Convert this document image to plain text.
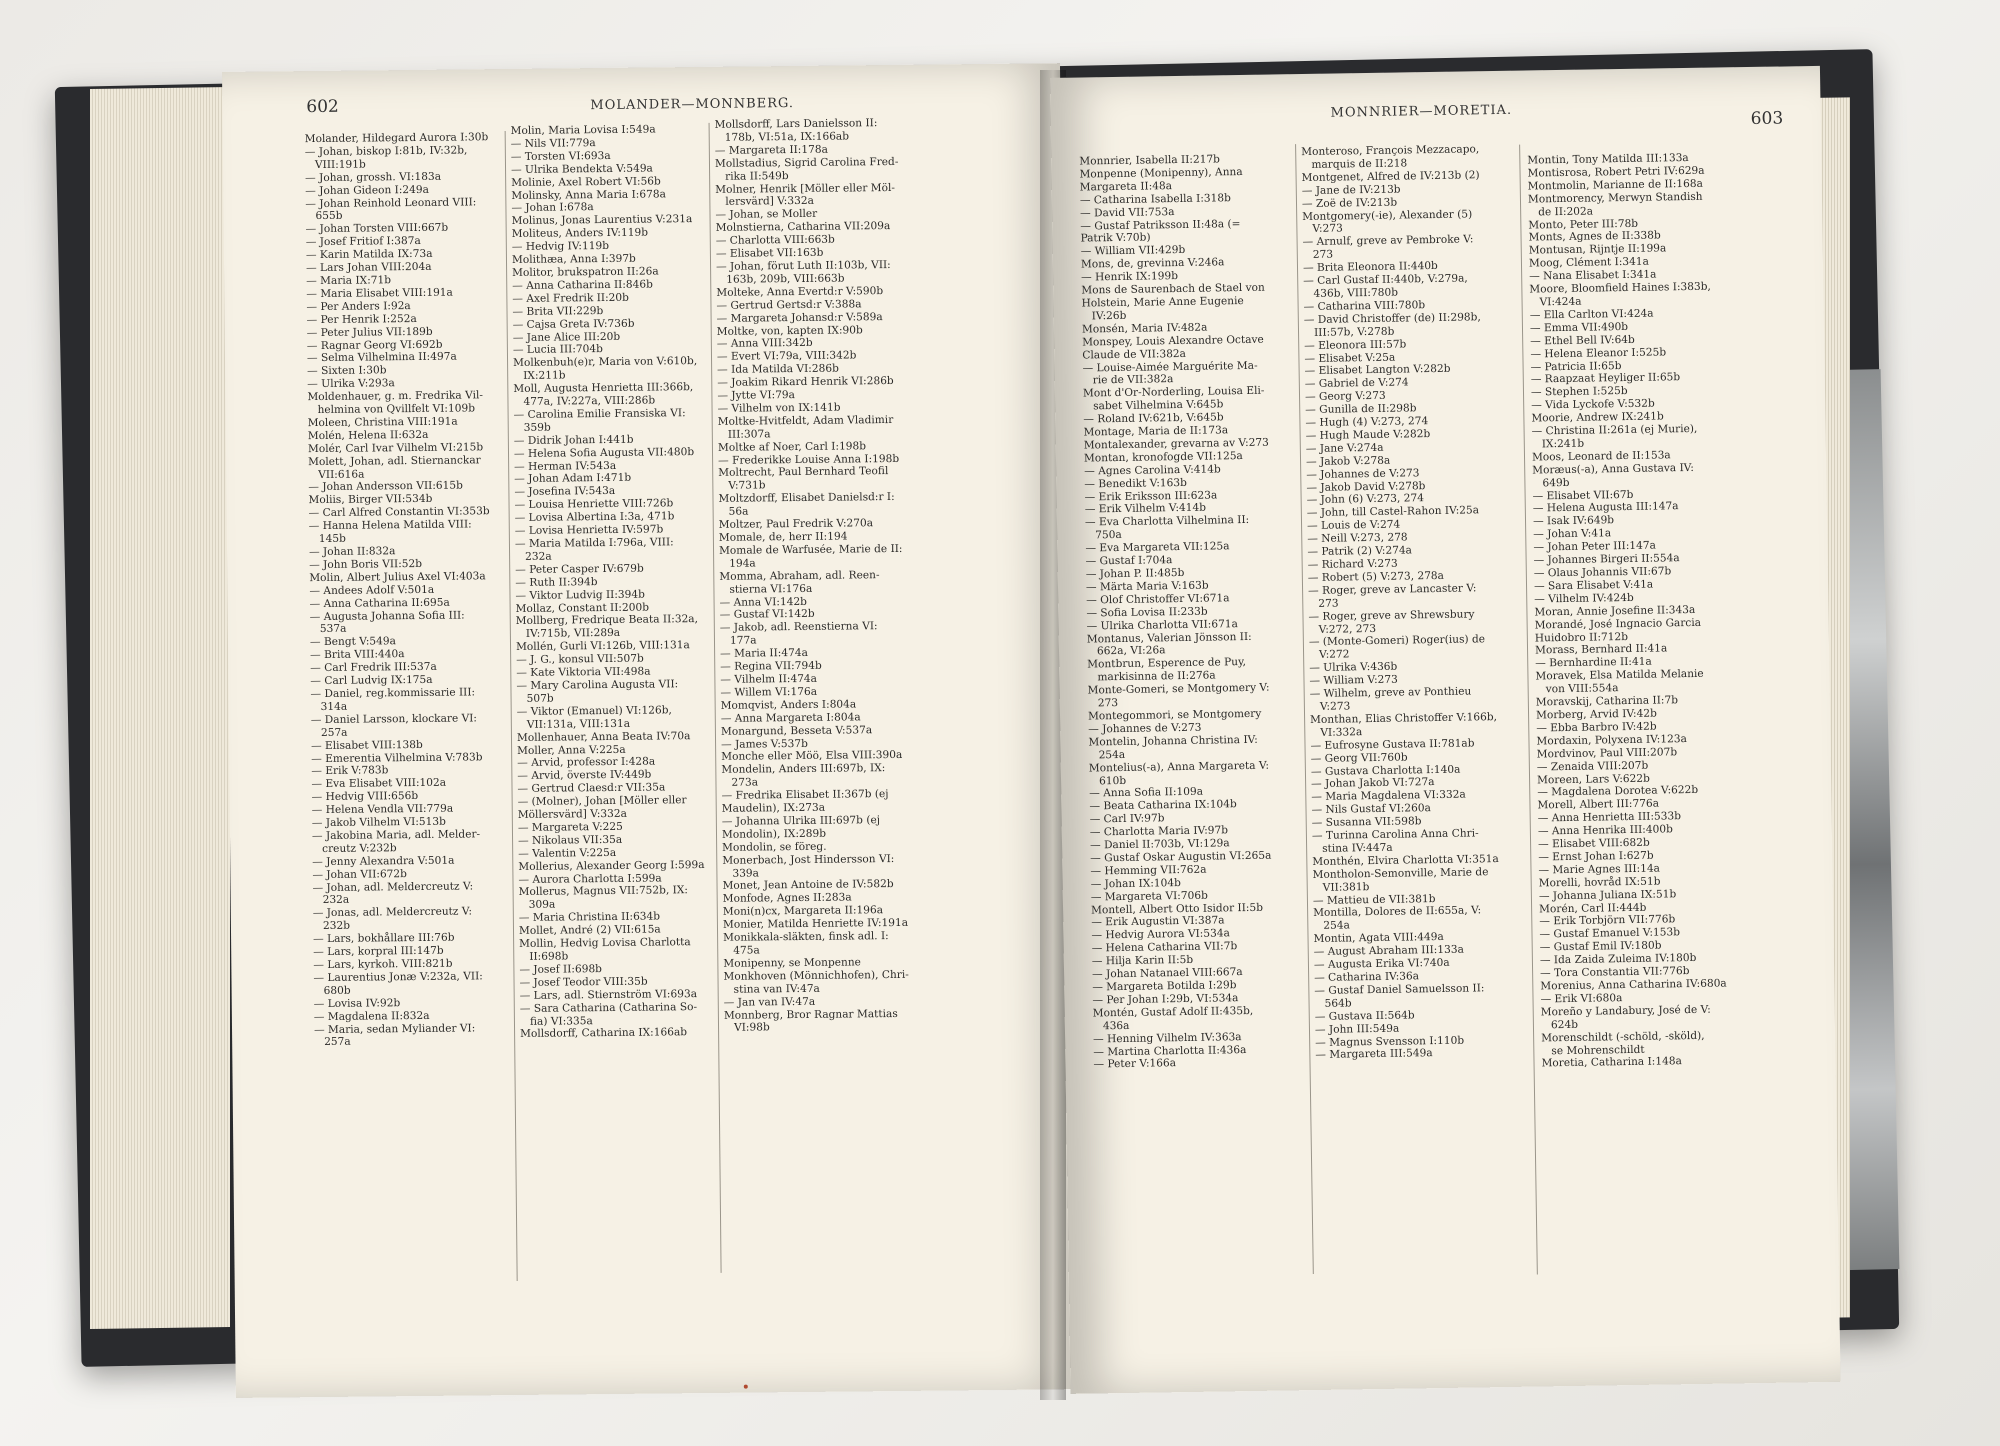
602	MOLANDER—MONNBERG.

Molander, Hildegard Aurora I:30b

— Johan, biskop I:81b, IV:32b,

VIII:191b

— Johan, grossh. VI:183a

— Johan Gideon I:249a

— Johan Reinhold Leonard VIII:

655b

— Johan Torsten VIII:667b

— Josef Fritiof I:387a

— Karin Matilda IX:73a

— Lars Johan VIII:204a

— Maria IX:71b

— Maria Elisabet VIII:191a

— Per Anders I:92a

— Per Henrik I:252a

— Peter Julius VII:189b

— Ragnar Georg VI:692b

— Selma Vilhelmina II:497a

— Sixten I:30b

— Ulrika V:293a

Moldenhauer, g. m. Fredrika Vil-

helmina von Qvillfelt VI:109b

Moleen, Christina VIII:191a

Molén, Helena II:632a

Molér, Carl Ivar Vilhelm VI:215b

Molett, Johan, adl. Stiernanckar

VII:616a

— Johan Andersson VII:615b

Moliis, Birger VII:534b

— Carl Alfred Constantin VI:353b

— Hanna Helena Matilda VIII:

145b

— Johan II:832a

— John Boris VII:52b

Molin, Albert Julius Axel VI:403a

— Andees Adolf V:501a

— Anna Catharina II:695a

— Augusta Johanna Sofia III:

537a

— Bengt V:549a

— Brita VIII:440a

— Carl Fredrik III:537a

— Carl Ludvig IX:175a

— Daniel, reg.kommissarie III:

314a

— Daniel Larsson, klockare VI:

257a

— Elisabet VIII:138b

— Emerentia Vilhelmina V:783b

— Erik V:783b

— Eva Elisabet VIII:102a

— Hedvig VIII:656b

— Helena Vendla VII:779a

— Jakob Vilhelm VI:513b

— Jakobina Maria, adl. Melder-

creutz V:232b

— Jenny Alexandra V:501a

— Johan VII:672b

— Johan, adl. Meldercreutz V:

232a

— Jonas, adl. Meldercreutz V:

232b

— Lars, bokhållare III:76b

— Lars, korpral III:147b

— Lars, kyrkoh. VIII:821b

— Laurentius Jonæ V:232a, VII:

680b

— Lovisa IV:92b

— Magdalena II:832a

— Maria, sedan Myliander VI:

257a

Molin, Maria Lovisa I:549a

— Nils VII:779a

— Torsten VI:693a

— Ulrika Bendekta V:549a

Molinie, Axel Robert VI:56b

Molinsky, Anna Maria I:678a

— Johan I:678a

Molinus, Jonas Laurentius V:231a

Moliteus, Anders IV:119b

— Hedvig IV:119b

Molithæa, Anna I:397b

Molitor, brukspatron II:26a

— Anna Catharina II:846b

— Axel Fredrik II:20b

— Brita VII:229b

— Cajsa Greta IV:736b

— Jane Alice III:20b

— Lucia III:704b

Molkenbuh(e)r, Maria von V:610b,

IX:211b

Moll, Augusta Henrietta III:366b,

477a, IV:227a, VIII:286b

— Carolina Emilie Fransiska VI:

359b

— Didrik Johan I:441b

— Helena Sofia Augusta VII:480b

— Herman IV:543a

— Johan Adam I:471b

— Josefina IV:543a

— Louisa Henriette VIII:726b

— Lovisa Albertina I:3a, 471b

— Lovisa Henrietta IV:597b

— Maria Matilda I:796a, VIII:

232a

— Peter Casper IV:679b

— Ruth II:394b

— Viktor Ludvig II:394b

Mollaz, Constant II:200b

Mollberg, Fredrique Beata II:32a,

IV:715b, VII:289a

Mollén, Gurli VI:126b, VIII:131a

— J. G., konsul VII:507b

— Kate Viktoria VII:498a

— Mary Carolina Augusta VII:

507b

— Viktor (Emanuel) VI:126b,

VII:131a, VIII:131a

Mollenhauer, Anna Beata IV:70a

Moller, Anna V:225a

— Arvid, professor I:428a

— Arvid, överste IV:449b

— Gertrud Claesd:r VII:35a

— (Molner), Johan [Möller eller

Möllersvärd] V:332a

— Margareta V:225

— Nikolaus VII:35a

— Valentin V:225a

Mollerius, Alexander Georg I:599a

— Aurora Charlotta I:599a

Mollerus, Magnus VII:752b, IX:

309a

— Maria Christina II:634b

Mollet, André (2) VII:615a

Mollin, Hedvig Lovisa Charlotta

II:698b

— Josef II:698b

— Josef Teodor VIII:35b

— Lars, adl. Stiernström VI:693a

— Sara Catharina (Catharina So-

fia) VI:335a

Mollsdorff, Catharina IX:166ab

Mollsdorff, Lars Danielsson II:

178b, VI:51a, IX:166ab

— Margareta II:178a

Mollstadius, Sigrid Carolina Fred-

rika II:549b

Molner, Henrik [Möller eller Möl-

lersvärd] V:332a

— Johan, se Moller

Molnstierna, Catharina VII:209a

— Charlotta VIII:663b

— Elisabet VII:163b

— Johan, förut Luth II:103b, VII:

163b, 209b, VIII:663b

Molteke, Anna Evertd:r V:590b

— Gertrud Gertsd:r V:388a

— Margareta Johansd:r V:589a

Moltke, von, kapten IX:90b

— Anna VIII:342b

— Evert VI:79a, VIII:342b

— Ida Matilda VI:286b

— Joakim Rikard Henrik VI:286b

— Jytte VI:79a

— Vilhelm von IX:141b

Moltke-Hvitfeldt, Adam Vladimir

III:307a

Moltke af Noer, Carl I:198b

— Frederikke Louise Anna I:198b

Moltrecht, Paul Bernhard Teofil

V:731b

Moltzdorff, Elisabet Danielsd:r I:

56a

Moltzer, Paul Fredrik V:270a

Momale, de, herr II:194

Momale de Warfusée, Marie de II:

194a

Momma, Abraham, adl. Reen-

stierna VI:176a

— Anna VI:142b

— Gustaf VI:142b

— Jakob, adl. Reenstierna VI:

177a

— Maria II:474a

— Regina VII:794b

— Vilhelm II:474a

— Willem VI:176a

Momqvist, Anders I:804a

— Anna Margareta I:804a

Monargund, Besseta V:537a

— James V:537b

Monche eller Möö, Elsa VIII:390a

Mondelin, Anders III:697b, IX:

273a

— Fredrika Elisabet II:367b (ej

Maudelin), IX:273a

— Johanna Ulrika III:697b (ej

Mondolin), IX:289b

Mondolin, se föreg.

Monerbach, Jost Hindersson VI:

339a

Monet, Jean Antoine de IV:582b

Monfode, Agnes II:283a

Moni(n)cx, Margareta II:196a

Monier, Matilda Henriette IV:191a

Monikkala-släkten, finsk adl. I:

475a

Monipenny, se Monpenne

Monkhoven (Mönnichhofen), Chri-

stina van IV:47a

— Jan van IV:47a

Monnberg, Bror Ragnar Mattias

VI:98b

MONNRIER—MORETIA.	603

Monnrier, Isabella II:217b

Monpenne (Monipenny), Anna

Margareta II:48a

— Catharina Isabella I:318b

— David VII:753a

— Gustaf Patriksson II:48a (=

Patrik V:70b)

— William VII:429b

Mons, de, grevinna V:246a

— Henrik IX:199b

Mons de Saurenbach de Stael von

Holstein, Marie Anne Eugenie

IV:26b

Monsén, Maria IV:482a

Monspey, Louis Alexandre Octave

Claude de VII:382a

— Louise-Aimée Marguérite Ma-

rie de VII:382a

Mont d'Or-Norderling, Louisa Eli-

sabet Vilhelmina V:645b

— Roland IV:621b, V:645b

Montage, Maria de II:173a

Montalexander, grevarna av V:273

Montan, kronofogde VII:125a

— Agnes Carolina V:414b

— Benedikt V:163b

— Erik Eriksson III:623a

— Erik Vilhelm V:414b

— Eva Charlotta Vilhelmina II:

750a

— Eva Margareta VII:125a

— Gustaf I:704a

— Johan P. II:485b

— Märta Maria V:163b

— Olof Christoffer VI:671a

— Sofia Lovisa II:233b

— Ulrika Charlotta VII:671a

Montanus, Valerian Jönsson II:

662a, VI:26a

Montbrun, Esperence de Puy,

markisinna de II:276a

Monte-Gomeri, se Montgomery V:

273

Montegommori, se Montgomery

— Johannes de V:273

Montelin, Johanna Christina IV:

254a

Montelius(-a), Anna Margareta V:

610b

— Anna Sofia II:109a

— Beata Catharina IX:104b

— Carl IV:97b

— Charlotta Maria IV:97b

— Daniel II:703b, VI:129a

— Gustaf Oskar Augustin VI:265a

— Hemming VII:762a

— Johan IX:104b

— Margareta VI:706b

Montell, Albert Otto Isidor II:5b

— Erik Augustin VI:387a

— Hedvig Aurora VI:534a

— Helena Catharina VII:7b

— Hilja Karin II:5b

— Johan Natanael VIII:667a

— Margareta Botilda I:29b

— Per Johan I:29b, VI:534a

Montén, Gustaf Adolf II:435b,

436a

— Henning Vilhelm IV:363a

— Martina Charlotta II:436a

— Peter V:166a

Monteroso, François Mezzacapo,

marquis de II:218

Montgenet, Alfred de IV:213b (2)

— Jane de IV:213b

— Zoë de IV:213b

Montgomery(-ie), Alexander (5)

V:273

— Arnulf, greve av Pembroke V:

273

— Brita Eleonora II:440b

— Carl Gustaf II:440b, V:279a,

436b, VIII:780b

— Catharina VIII:780b

— David Christoffer (de) II:298b,

III:57b, V:278b

— Eleonora III:57b

— Elisabet V:25a

— Elisabet Langton V:282b

— Gabriel de V:274

— Georg V:273

— Gunilla de II:298b

— Hugh (4) V:273, 274

— Hugh Maude V:282b

— Jane V:274a

— Jakob V:278a

— Johannes de V:273

— Jakob David V:278b

— John (6) V:273, 274

— John, till Castel-Rahon IV:25a

— Louis de V:274

— Neill V:273, 278

— Patrik (2) V:274a

— Richard V:273

— Robert (5) V:273, 278a

— Roger, greve av Lancaster V:

273

— Roger, greve av Shrewsbury

V:272, 273

— (Monte-Gomeri) Roger(ius) de

V:272

— Ulrika V:436b

— William V:273

— Wilhelm, greve av Ponthieu

V:273

Monthan, Elias Christoffer V:166b,

VI:332a

— Eufrosyne Gustava II:781ab

— Georg VII:760b

— Gustava Charlotta I:140a

— Johan Jakob VI:727a

— Maria Magdalena VI:332a

— Nils Gustaf VI:260a

— Susanna VII:598b

— Turinna Carolina Anna Chri-

stina IV:447a

Monthén, Elvira Charlotta VI:351a

Montholon-Semonville, Marie de

VII:381b

— Mattieu de VII:381b

Montilla, Dolores de II:655a, V:

254a

Montin, Agata VIII:449a

— August Abraham III:133a

— Augusta Erika VI:740a

— Catharina IV:36a

— Gustaf Daniel Samuelsson II:

564b

— Gustava II:564b

— John III:549a

— Magnus Svensson I:110b

— Margareta III:549a

Montin, Tony Matilda III:133a

Montisrosa, Robert Petri IV:629a

Montmolin, Marianne de II:168a

Montmorency, Merwyn Standish

de II:202a

Monto, Peter III:78b

Monts, Agnes de II:338b

Montusan, Rijntje II:199a

Moog, Clément I:341a

— Nana Elisabet I:341a

Moore, Bloomfield Haines I:383b,

VI:424a

— Ella Carlton VI:424a

— Emma VII:490b

— Ethel Bell IV:64b

— Helena Eleanor I:525b

— Patricia II:65b

— Raapzaat Heyliger II:65b

— Stephen I:525b

— Vida Lyckofe V:532b

Moorie, Andrew IX:241b

— Christina II:261a (ej Murie),

IX:241b

Moos, Leonard de II:153a

Moræus(-a), Anna Gustava IV:

649b

— Elisabet VII:67b

— Helena Augusta III:147a

— Isak IV:649b

— Johan V:41a

— Johan Peter III:147a

— Johannes Birgeri II:554a

— Olaus Johannis VII:67b

— Sara Elisabet V:41a

— Vilhelm IV:424b

Moran, Annie Josefine II:343a

Morandé, José Ingnacio Garcia

Huidobro II:712b

Morass, Bernhard II:41a

— Bernhardine II:41a

Moravek, Elsa Matilda Melanie

von VIII:554a

Moravskij, Catharina II:7b

Morberg, Arvid IV:42b

— Ebba Barbro IV:42b

Mordaxin, Polyxena IV:123a

Mordvinov, Paul VIII:207b

— Zenaida VIII:207b

Moreen, Lars V:622b

— Magdalena Dorotea V:622b

Morell, Albert III:776a

— Anna Henrietta III:533b

— Anna Henrika III:400b

— Elisabet VIII:682b

— Ernst Johan I:627b

— Marie Agnes III:14a

Morelli, hovråd IX:51b

— Johanna Juliana IX:51b

Morén, Carl II:444b

— Erik Torbjörn VII:776b

— Gustaf Emanuel V:153b

— Gustaf Emil IV:180b

— Ida Zaida Zuleima IV:180b

— Tora Constantia VII:776b

Morenius, Anna Catharina IV:680a

— Erik VI:680a

Moreño y Landabury, José de V:

624b

Morenschildt (-schöld, -sköld),

se Mohrenschildt

Moretia, Catharina I:148a
